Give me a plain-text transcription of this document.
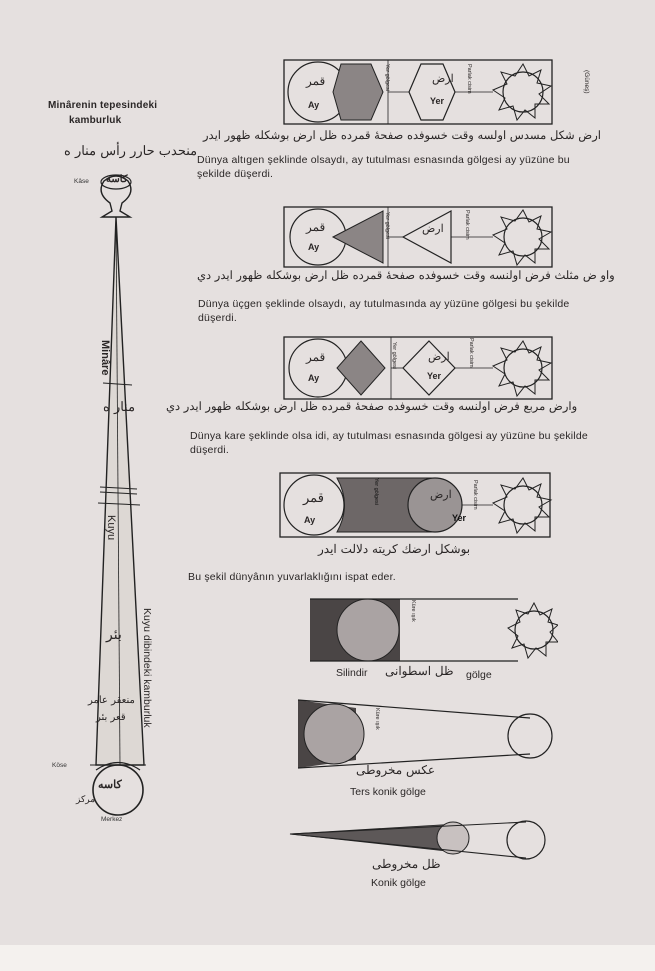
Minârenin tepesindeki
kamburluk
منحدب حارر رأس منار ه
Kâse كاسه
Minâre
منار ه
Kuyu
بئر
منعقر عامر
قعر بئر
Köse
كاسه
مركز
Merkez
Kuyu dibindeki kamburluk
Ay
قمر
Yer
ارض
Yer gölgesi	Parlak cisim	(Güneş)
ارض شكل مسدس اولسه وقت خسوفده صفحهٔ قمرده ظل ارض بوشكله ظهور ايدر
Dünya altıgen şeklinde olsaydı, ay tutulması esnasında gölgesi ay yüzüne bu şekilde düşerdi.
Ay
قمر	ارض
Yer gölgesi	Parlak cisim
واو ض مثلث فرض اولنسه وقت خسوفده صفحهٔ قمرده ظل ارض بوشكله ظهور ايدر دي
Dünya üçgen şeklinde olsaydı, ay tutulmasında ay yüzüne gölgesi bu şekilde düşerdi.
Ay
قمر
Yer
ارض
Yer gölgesi	Parlak cisim
وارض مربع فرض اولنسه وقت خسوفده صفحهٔ قمرده ظل ارض بوشكله ظهور ايدر دي
Dünya kare şeklinde olsa idi, ay tutulması esnasında gölgesi ay yüzüne bu şekilde düşerdi.
Ay
قمر
Yer
ارض
Yer gölgesi	Parlak cisim
بوشكل ارضك كريته دلالت ايدر
Bu şekil dünyânın yuvarlaklığını ispat eder.
Küre ışık
Silindir ظل اسطوانى gölge
Küre ışık
عكس مخروطى
Ters konik gölge
ظل مخروطى
Konik gölge
